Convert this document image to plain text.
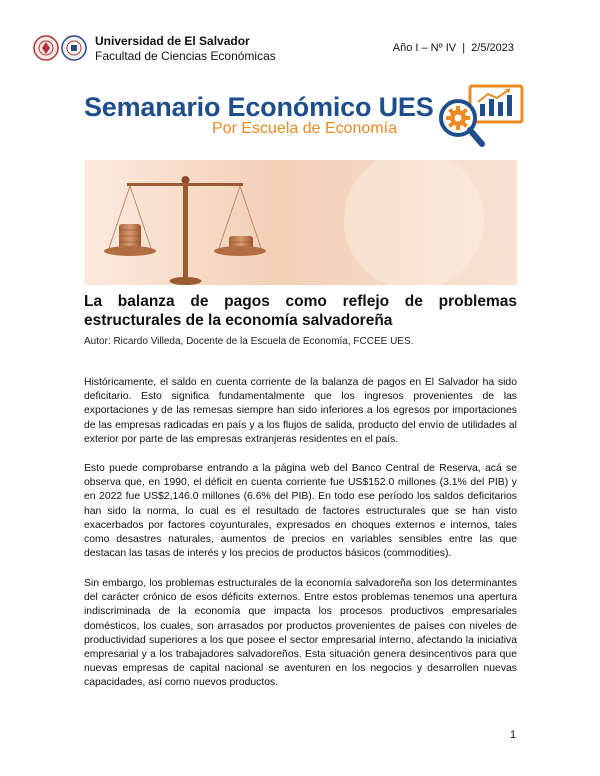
Universidad de El Salvador
Facultad de Ciencias Económicas
Año I – Nº IV  |  2/5/2023
Semanario Económico UES
Por Escuela de Economía
La balanza de pagos como reflejo de problemas estructurales de la economía salvadoreña
Autor: Ricardo Villeda, Docente de la Escuela de Economía, FCCEE UES.
Históricamente, el saldo en cuenta corriente de la balanza de pagos en El Salvador ha sido deficitario. Esto significa fundamentalmente que los ingresos provenientes de las exportaciones y de las remesas siempre han sido inferiores a los egresos por importaciones de las empresas radicadas en país y a los flujos de salida, producto del envío de utilidades al exterior por parte de las empresas extranjeras residentes en el país.
Esto puede comprobarse entrando a la página web del Banco Central de Reserva, acá se observa que, en 1990, el déficit en cuenta corriente fue US$152.0 millones (3.1% del PIB) y en 2022 fue US$2,146.0 millones (6.6% del PIB). En todo ese período los saldos deficitarios han sido la norma, lo cual es el resultado de factores estructurales que se han visto exacerbados por factores coyunturales, expresados en choques externos e internos, tales como desastres naturales, aumentos de precios en variables sensibles entre las que destacan las tasas de interés y los precios de productos básicos (commodities).
Sin embargo, los problemas estructurales de la economía salvadoreña son los determinantes del carácter crónico de esos déficits externos. Entre estos problemas tenemos una apertura indiscriminada de la economía que impacta los procesos productivos empresariales domésticos, los cuales, son arrasados por productos provenientes de países con niveles de productividad superiores a los que posee el sector empresarial interno, afectando la iniciativa empresarial y a los trabajadores salvadoreños. Esta situación genera desincentivos para que nuevas empresas de capital nacional se aventuren en los negocios y desarrollen nuevas capacidades, así como nuevos productos.
1
